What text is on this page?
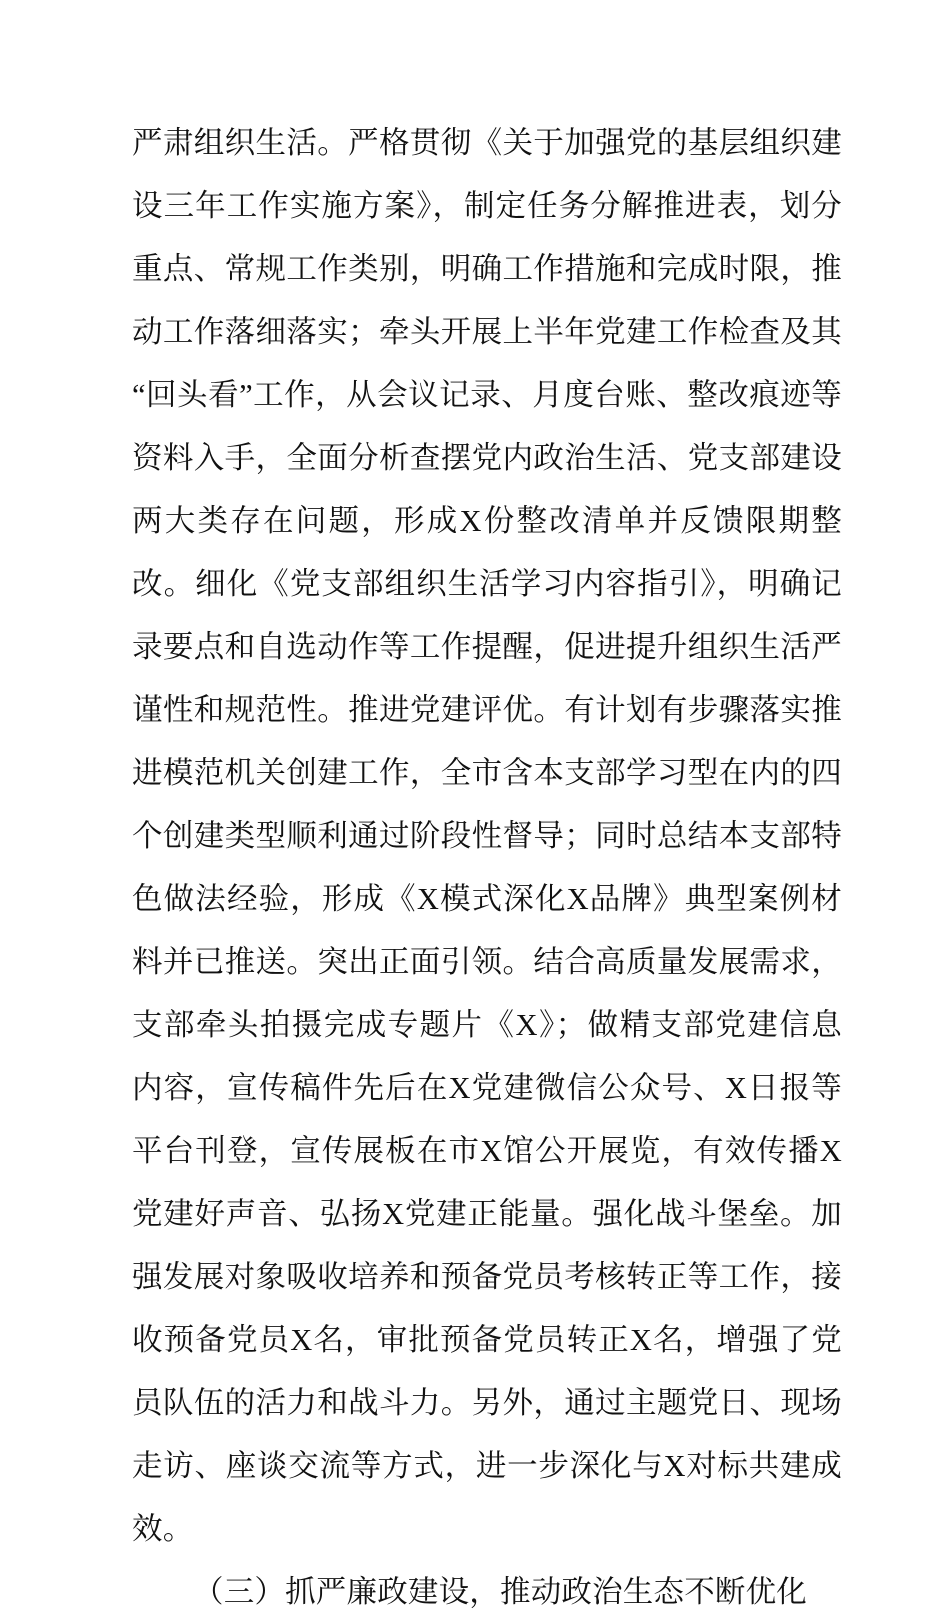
严肃组织生活。严格贯彻《关于加强党的基层组织建设三年工作实施方案》，制定任务分解推进表，划分重点、常规工作类别，明确工作措施和完成时限，推动工作落细落实；牵头开展上半年党建工作检查及其“回头看”工作，从会议记录、月度台账、整改痕迹等资料入手，全面分析查摆党内政治生活、党支部建设两大类存在问题，形成X份整改清单并反馈限期整改。细化《党支部组织生活学习内容指引》，明确记录要点和自选动作等工作提醒，促进提升组织生活严谨性和规范性。推进党建评优。有计划有步骤落实推进模范机关创建工作，全市含本支部学习型在内的四个创建类型顺利通过阶段性督导；同时总结本支部特色做法经验，形成《X模式深化X品牌》典型案例材料并已推送。突出正面引领。结合高质量发展需求，支部牵头拍摄完成专题片《X》；做精支部党建信息内容，宣传稿件先后在X党建微信公众号、X日报等平台刊登，宣传展板在市X馆公开展览，有效传播X党建好声音、弘扬X党建正能量。强化战斗堡垒。加强发展对象吸收培养和预备党员考核转正等工作，接收预备党员X名，审批预备党员转正X名，增强了党员队伍的活力和战斗力。另外，通过主题党日、现场走访、座谈交流等方式，进一步深化与X对标共建成效。

（三）抓严廉政建设，推动政治生态不断优化
